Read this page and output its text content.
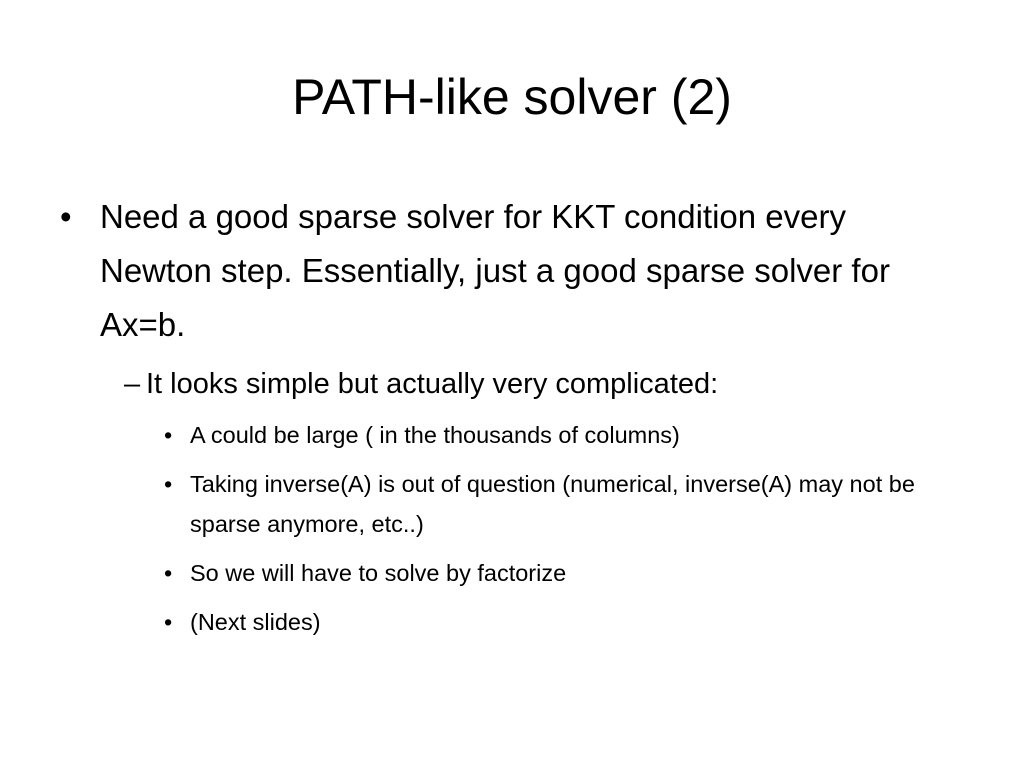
PATH-like solver (2)
• Need a good sparse solver for KKT condition every Newton step. Essentially, just a good sparse solver for Ax=b.
– It looks simple but actually very complicated:
• A could be large ( in the thousands of columns)
• Taking inverse(A) is out of question (numerical, inverse(A) may not be sparse anymore, etc..)
• So we will have to solve by factorize
• (Next slides)
